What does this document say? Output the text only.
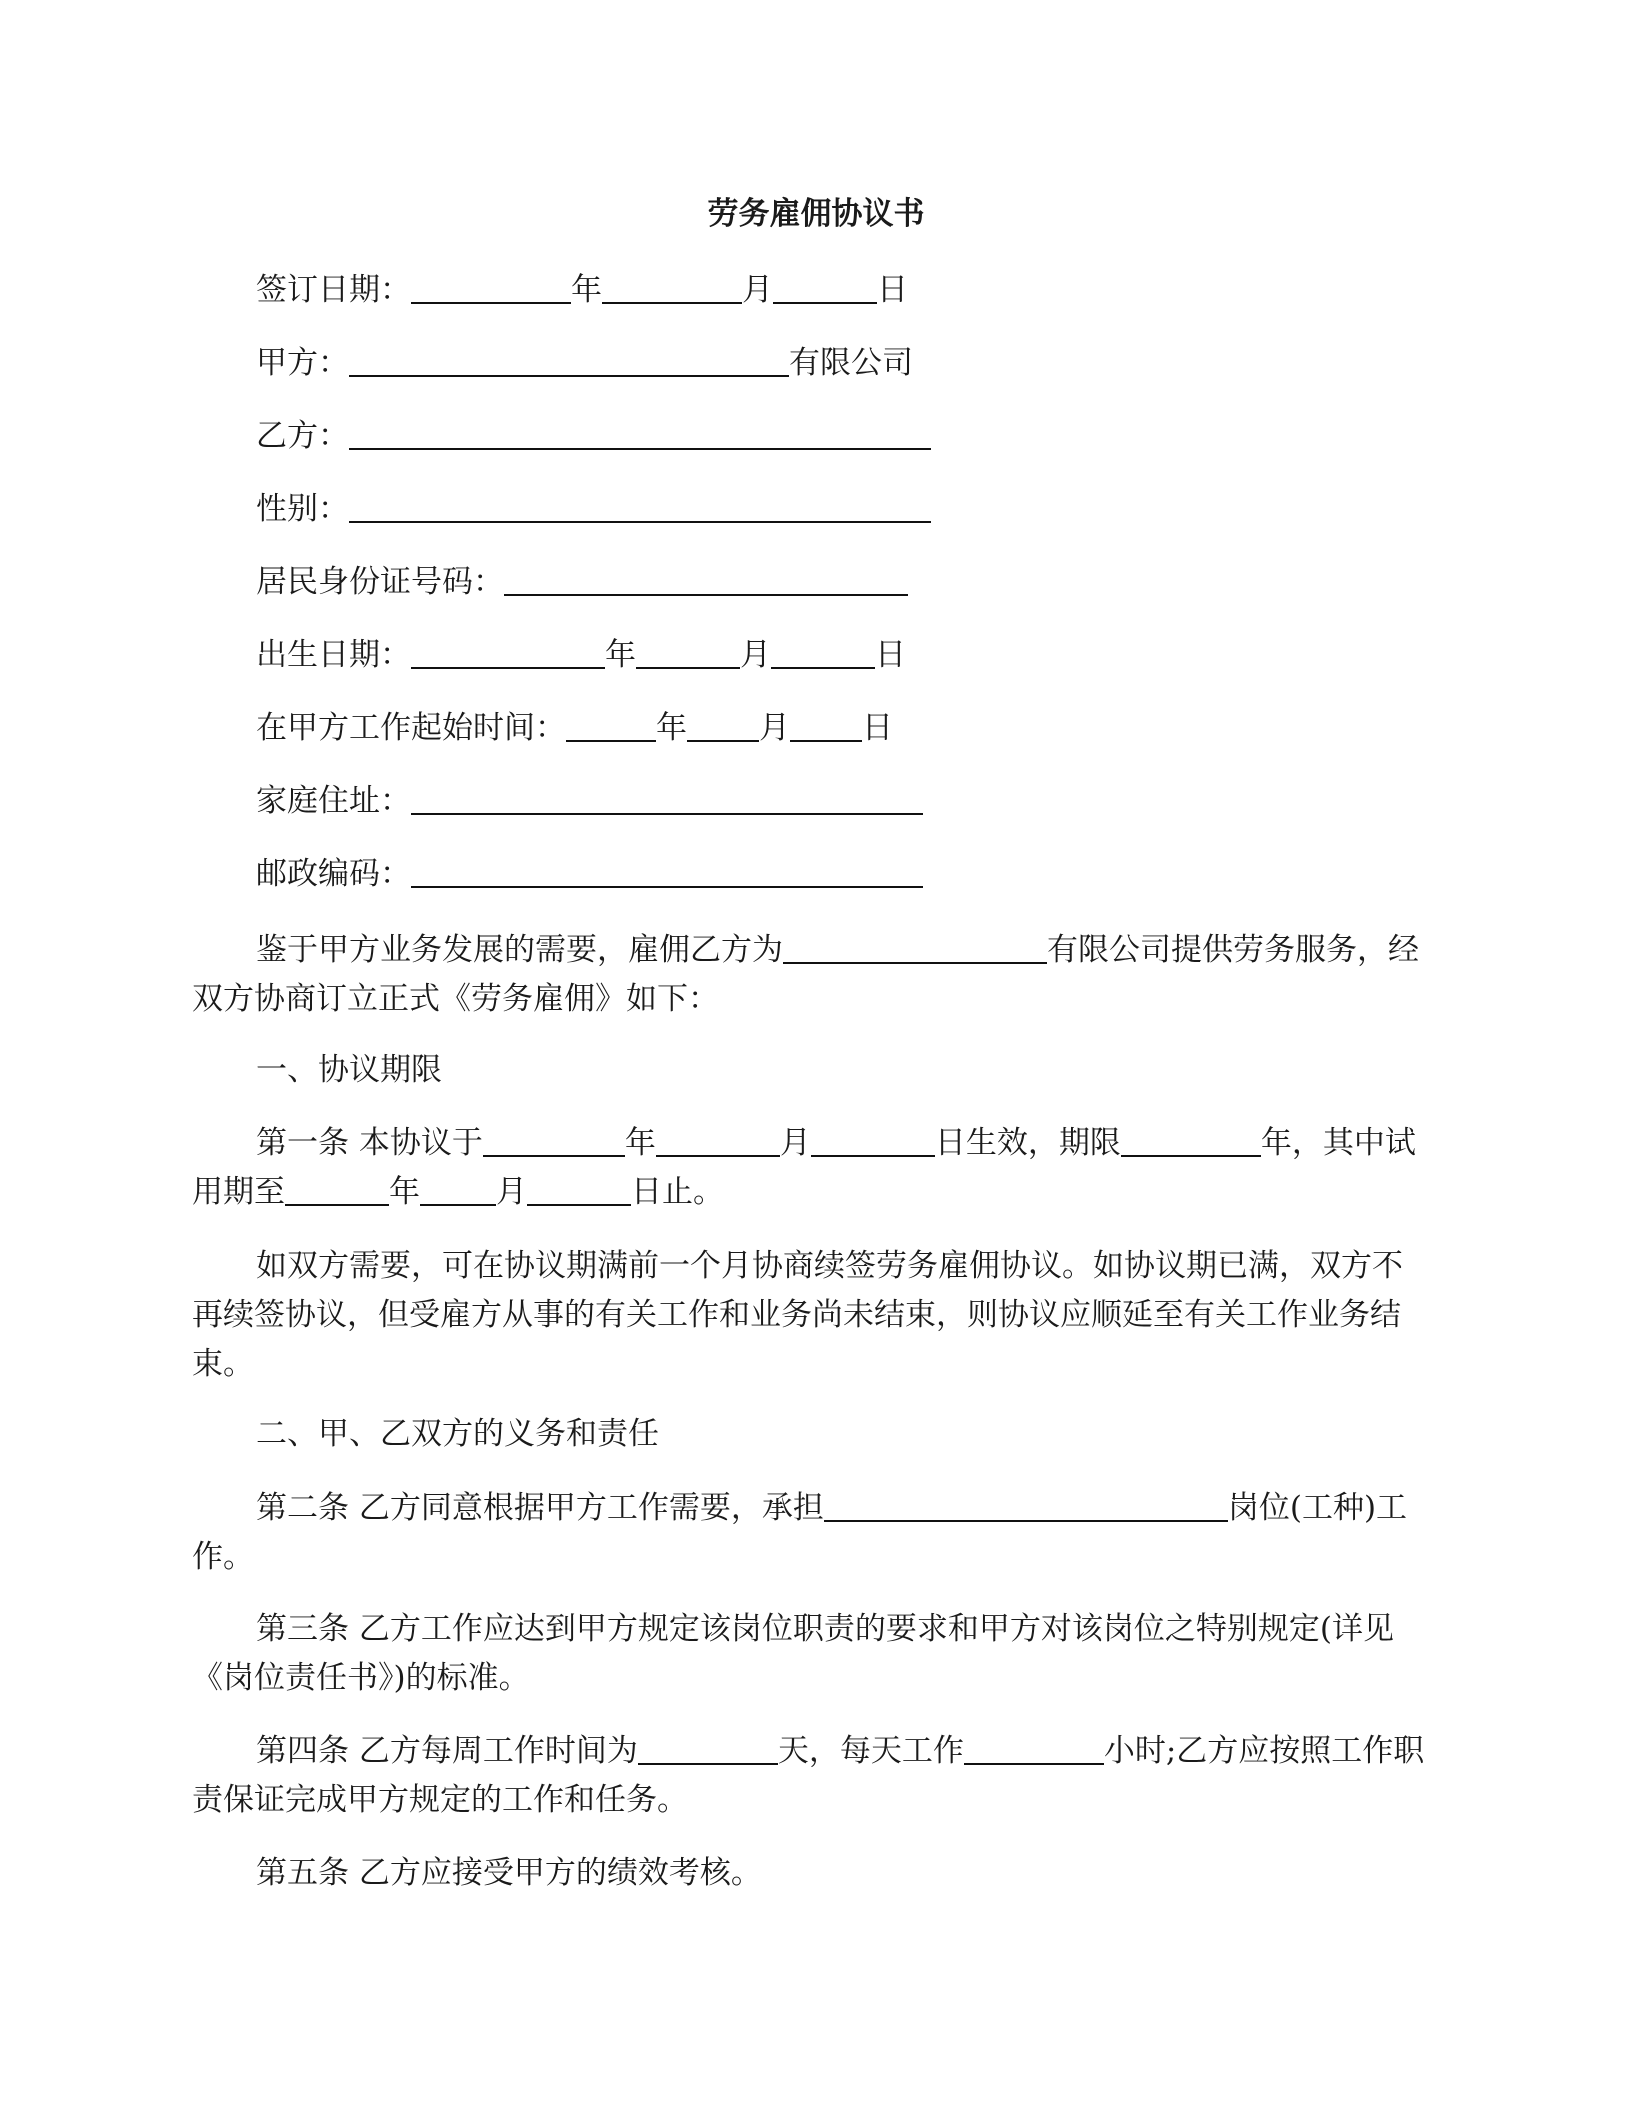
劳务雇佣协议书
签订日期：	年	月	日
甲方：	有限公司
乙方：
性别：
居民身份证号码：
出生日期：	年	月	日
在甲方工作起始时间：	年 月 日
家庭住址：
邮政编码：
鉴于甲方业务发展的需要，雇佣乙方为	有限公司提供劳务服务，经双方协商订立正式《劳务雇佣》如下：
一、协议期限
第一条 本协议于	年	月	日生效，期限	年，其中试用期至	年 月	日止。
如双方需要，可在协议期满前一个月协商续签劳务雇佣协议。如协议期已满，双方不再续签协议，但受雇方从事的有关工作和业务尚未结束，则协议应顺延至有关工作业务结束。
二、甲、乙双方的义务和责任
第二条 乙方同意根据甲方工作需要，承担	岗位(工种)工作。
第三条 乙方工作应达到甲方规定该岗位职责的要求和甲方对该岗位之特别规定(详见《岗位责任书》)的标准。
第四条 乙方每周工作时间为	天，每天工作	小时;乙方应按照工作职责保证完成甲方规定的工作和任务。
第五条 乙方应接受甲方的绩效考核。
